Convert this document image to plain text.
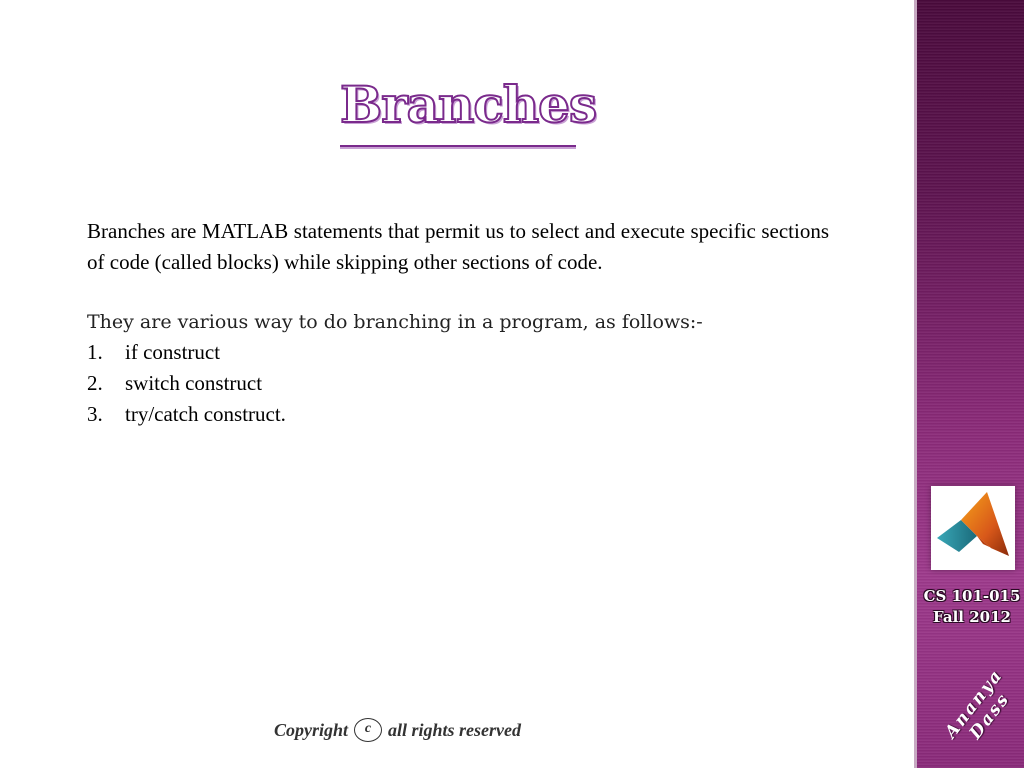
Branches

Branches are MATLAB statements that permit us to select and execute specific sections of code (called blocks) while skipping other sections of code.

They are various way to do branching in a program, as follows:-

1.	if construct
2.	switch construct
3.	try/catch construct.
Copyright	c all rights reserved
CS 101-015
Fall 2012
Ananya Dass
